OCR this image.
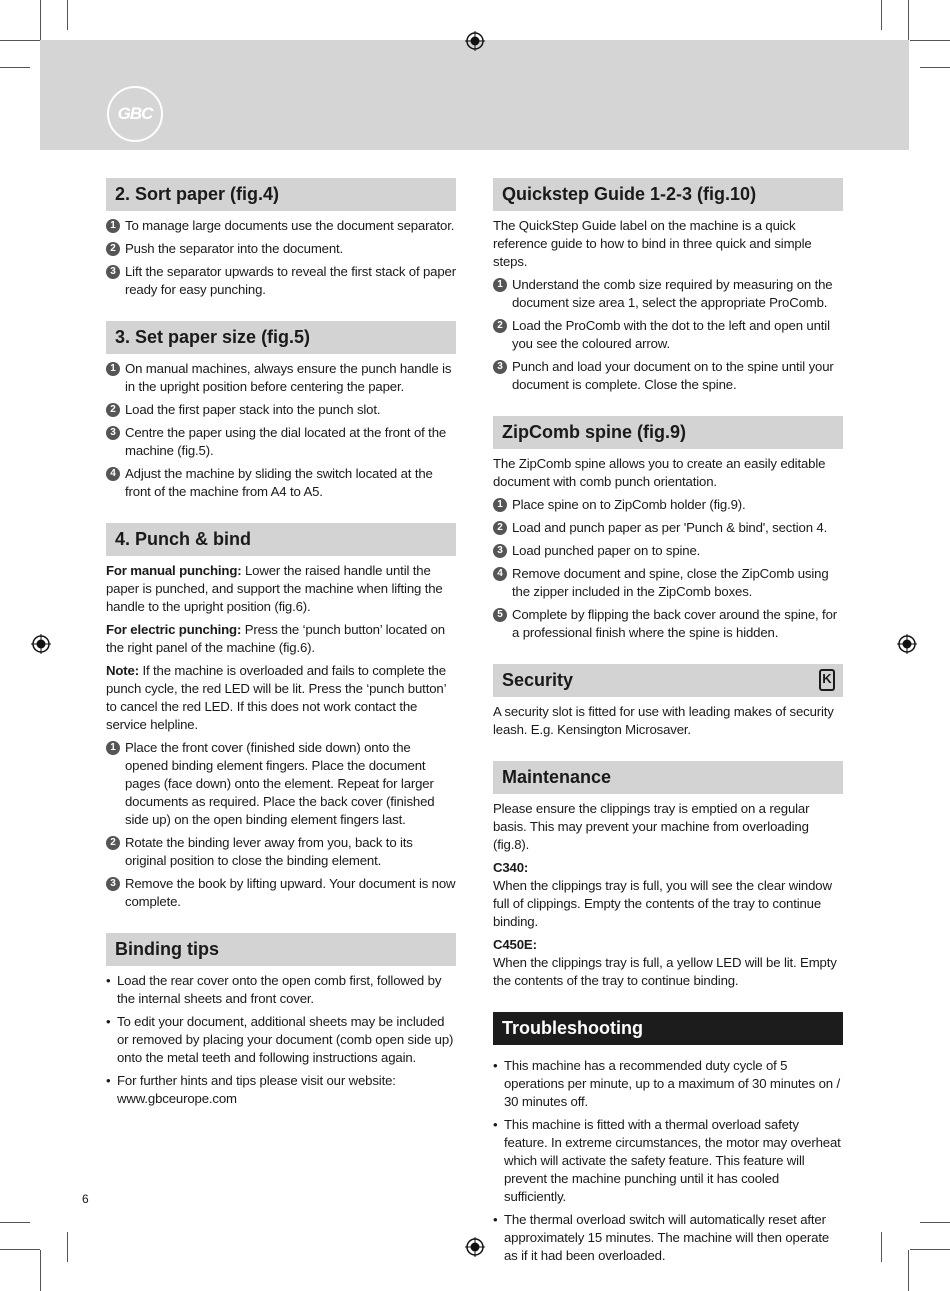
GBC
2. Sort paper (fig.4)
1 To manage large documents use the document separator.
2 Push the separator into the document.
3 Lift the separator upwards to reveal the first stack of paper ready for easy punching.
3. Set paper size (fig.5)
1 On manual machines, always ensure the punch handle is in the upright position before centering the paper.
2 Load the first paper stack into the punch slot.
3 Centre the paper using the dial located at the front of the machine (fig.5).
4 Adjust the machine by sliding the switch located at the front of the machine from A4 to A5.
4. Punch & bind

For manual punching: Lower the raised handle until the paper is punched, and support the machine when lifting the handle to the upright position (fig.6).

For electric punching: Press the ‘punch button’ located on the right panel of the machine (fig.6).

Note: If the machine is overloaded and fails to complete the punch cycle, the red LED will be lit. Press the ‘punch button’ to cancel the red LED. If this does not work contact the service helpline.

1 Place the front cover (finished side down) onto the opened binding element fingers. Place the document pages (face down) onto the element. Repeat for larger documents as required. Place the back cover (finished side up) on the open binding element fingers last.
2 Rotate the binding lever away from you, back to its original position to close the binding element.
3 Remove the book by lifting upward. Your document is now complete.
Binding tips
• Load the rear cover onto the open comb first, followed by the internal sheets and front cover.
• To edit your document, additional sheets may be included or removed by placing your document (comb open side up) onto the metal teeth and following instructions again.
• For further hints and tips please visit our website: www.gbceurope.com
Quickstep Guide 1-2-3 (fig.10)

The QuickStep Guide label on the machine is a quick reference guide to how to bind in three quick and simple steps.

1 Understand the comb size required by measuring on the document size area 1, select the appropriate ProComb.
2 Load the ProComb with the dot to the left and open until you see the coloured arrow.
3 Punch and load your document on to the spine until your document is complete. Close the spine.
ZipComb spine (fig.9)

The ZipComb spine allows you to create an easily editable document with comb punch orientation.

1 Place spine on to ZipComb holder (fig.9).
2 Load and punch paper as per 'Punch & bind', section 4.
3 Load punched paper on to spine.
4 Remove document and spine, close the ZipComb using the zipper included in the ZipComb boxes.
5 Complete by flipping the back cover around the spine, for a professional finish where the spine is hidden.
Security	K

A security slot is fitted for use with leading makes of security leash. E.g. Kensington Microsaver.

Maintenance

Please ensure the clippings tray is emptied on a regular basis. This may prevent your machine from overloading (fig.8).

C340:

When the clippings tray is full, you will see the clear window full of clippings. Empty the contents of the tray to continue binding.

C450E:

When the clippings tray is full, a yellow LED will be lit. Empty the contents of the tray to continue binding.

Troubleshooting
• This machine has a recommended duty cycle of 5 operations per minute, up to a maximum of 30 minutes on / 30 minutes off.
• This machine is fitted with a thermal overload safety feature. In extreme circumstances, the motor may overheat which will activate the safety feature. This feature will prevent the machine punching until it has cooled sufficiently.
• The thermal overload switch will automatically reset after approximately 15 minutes. The machine will then operate as if it had been overloaded.
6
